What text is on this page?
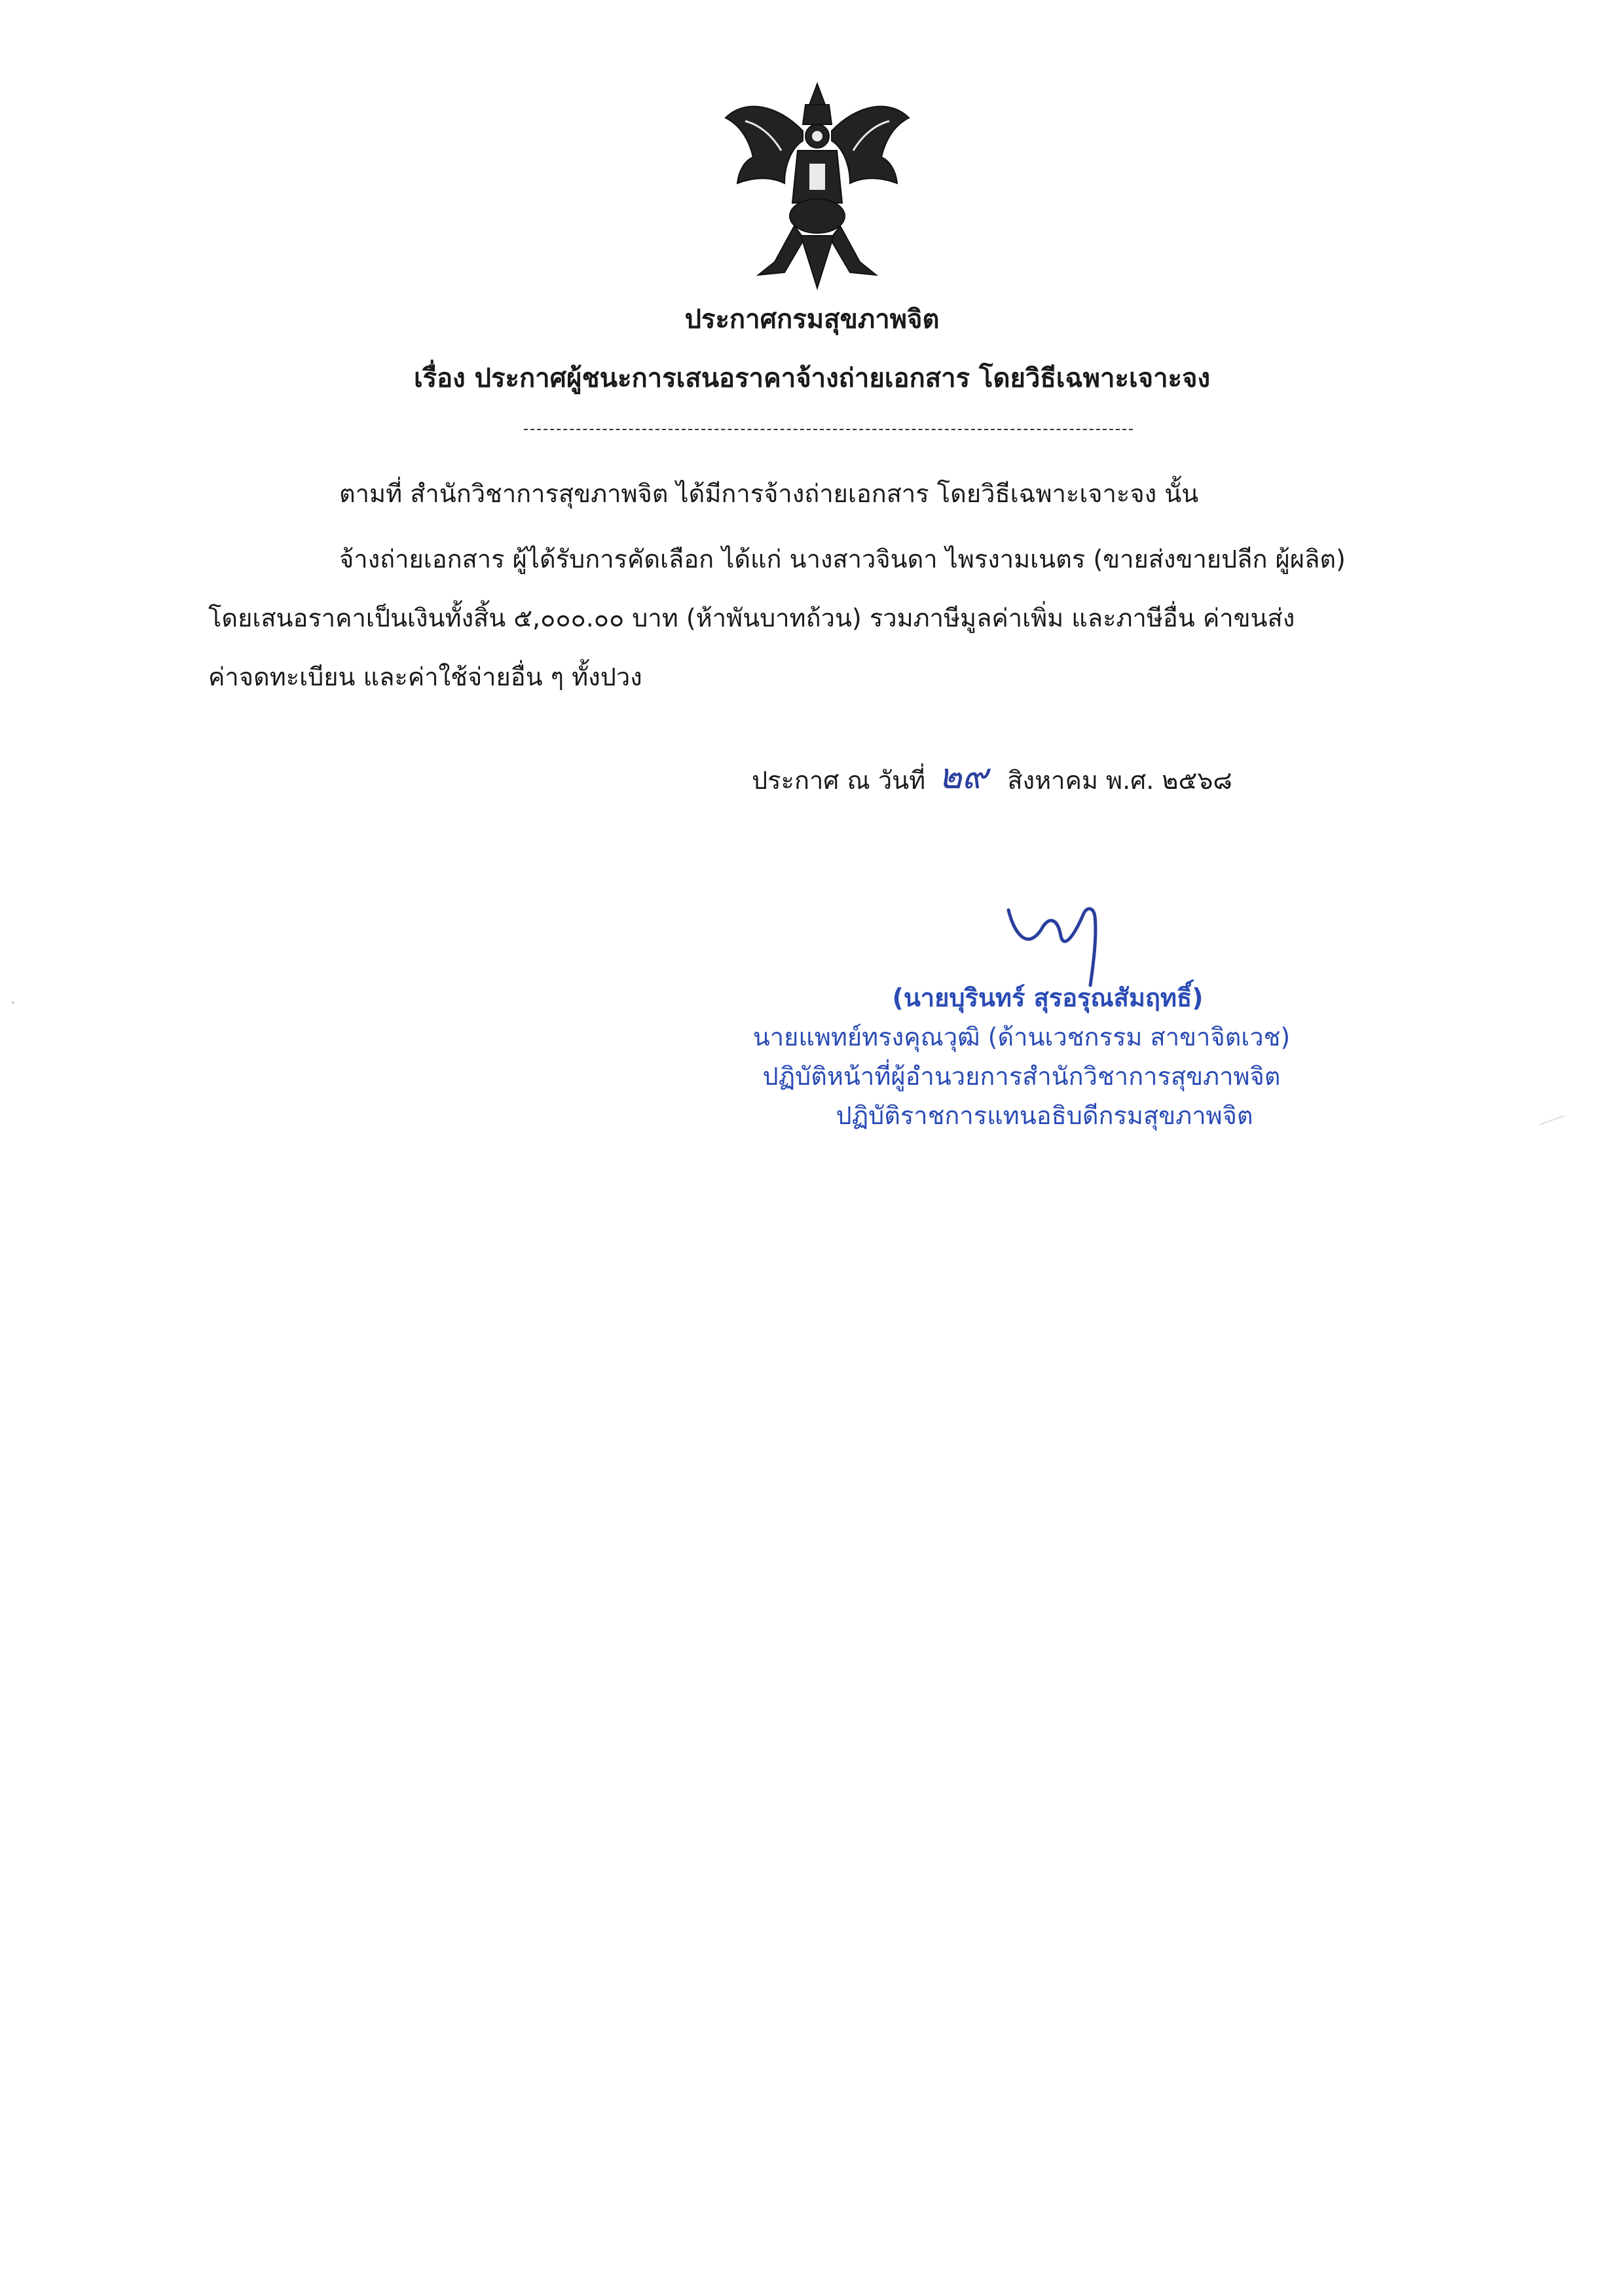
ประกาศกรมสุขภาพจิต
เรื่อง ประกาศผู้ชนะการเสนอราคาจ้างถ่ายเอกสาร โดยวิธีเฉพาะเจาะจง
ตามที่ สำนักวิชาการสุขภาพจิต ได้มีการจ้างถ่ายเอกสาร โดยวิธีเฉพาะเจาะจง นั้น
จ้างถ่ายเอกสาร ผู้ได้รับการคัดเลือก ได้แก่ นางสาวจินดา ไพรงามเนตร (ขายส่งขายปลีก ผู้ผลิต)
โดยเสนอราคาเป็นเงินทั้งสิ้น ๕,๐๐๐.๐๐ บาท (ห้าพันบาทถ้วน) รวมภาษีมูลค่าเพิ่ม และภาษีอื่น ค่าขนส่ง
ค่าจดทะเบียน และค่าใช้จ่ายอื่น ๆ ทั้งปวง
ประกาศ ณ วันที่ ๒๙ สิงหาคม พ.ศ. ๒๕๖๘
(นายบุรินทร์ สุรอรุณสัมฤทธิ์)
นายแพทย์ทรงคุณวุฒิ (ด้านเวชกรรม สาขาจิตเวช)
ปฏิบัติหน้าที่ผู้อำนวยการสำนักวิชาการสุขภาพจิต
ปฏิบัติราชการแทนอธิบดีกรมสุขภาพจิต
